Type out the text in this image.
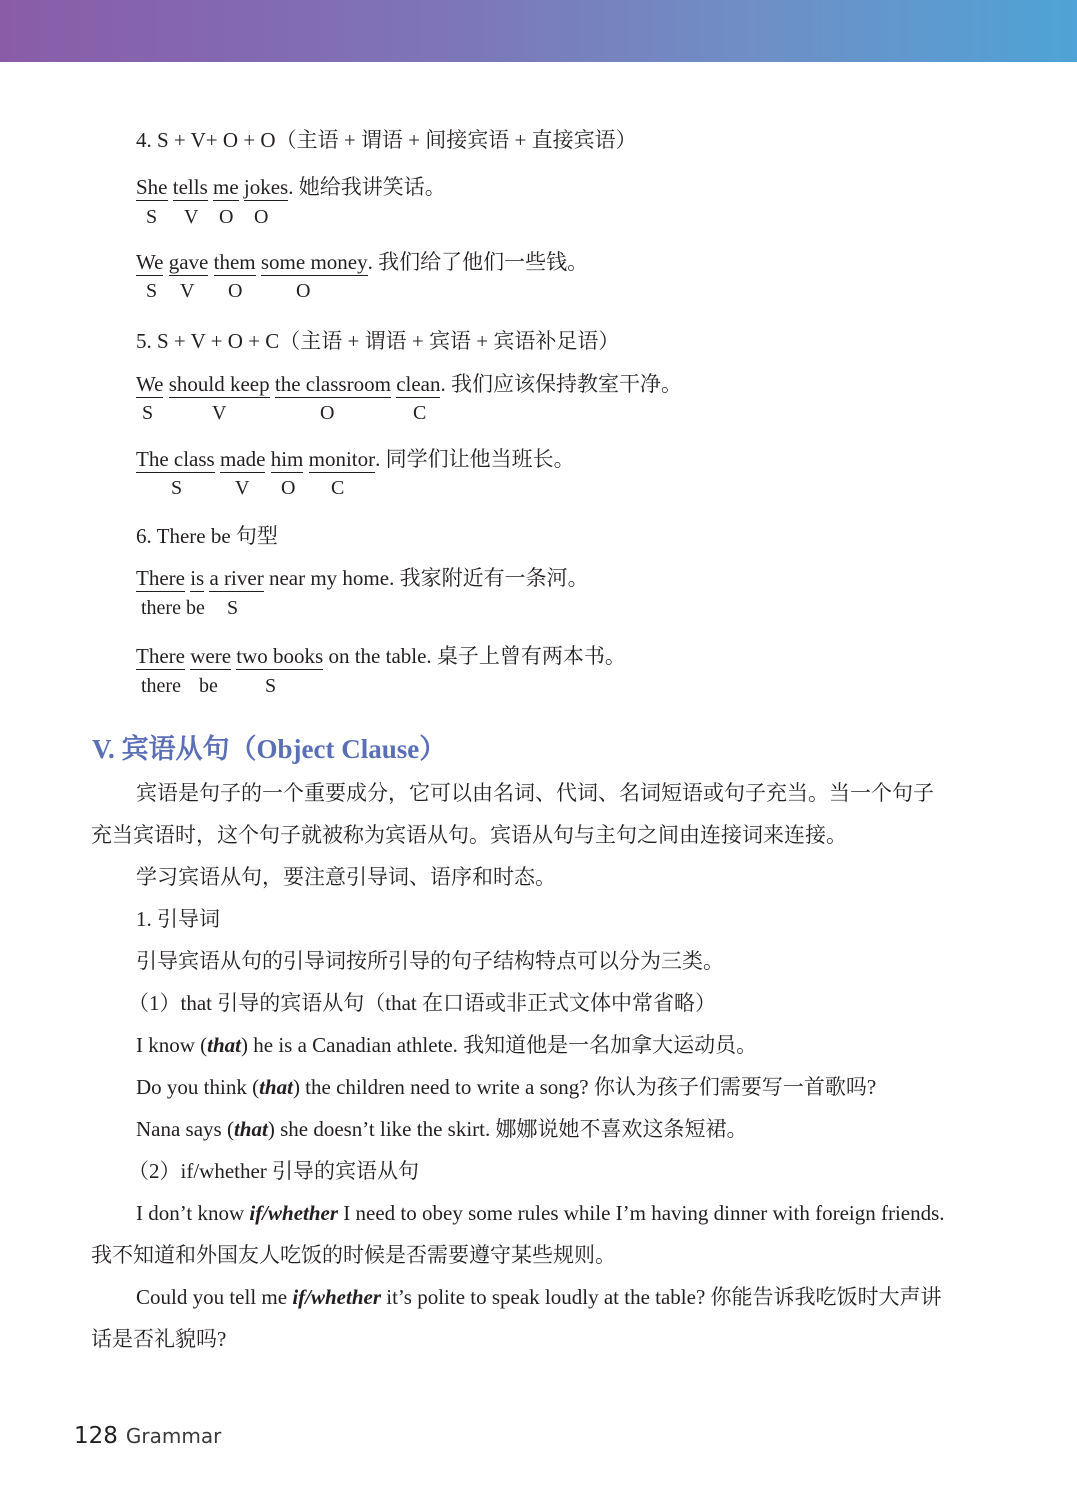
4. S + V+ O + O（主语 + 谓语 + 间接宾语 + 直接宾语）
She tells me jokes. 她给我讲笑话。
S V O O
We gave them some money. 我们给了他们一些钱。
S V O	O
5. S + V + O + C（主语 + 谓语 + 宾语 + 宾语补足语）
We should keep the classroom clean. 我们应该保持教室干净。
S	V	O	C
The class made him monitor. 同学们让他当班长。
S	V O C
6. There be 句型
There is a river near my home. 我家附近有一条河。
there be S
There were two books on the table. 桌子上曾有两本书。
there be S
V. 宾语从句（Object Clause）
宾语是句子的一个重要成分，它可以由名词、代词、名词短语或句子充当。当一个句子
充当宾语时，这个句子就被称为宾语从句。宾语从句与主句之间由连接词来连接。
学习宾语从句，要注意引导词、语序和时态。
1. 引导词
引导宾语从句的引导词按所引导的句子结构特点可以分为三类。
（1）that 引导的宾语从句（that 在口语或非正式文体中常省略）
I know (that) he is a Canadian athlete. 我知道他是一名加拿大运动员。
Do you think (that) the children need to write a song? 你认为孩子们需要写一首歌吗?
Nana says (that) she doesn’t like the skirt. 娜娜说她不喜欢这条短裙。
（2）if/whether 引导的宾语从句
I don’t know if/whether I need to obey some rules while I’m having dinner with foreign friends.
我不知道和外国友人吃饭的时候是否需要遵守某些规则。
Could you tell me if/whether it’s polite to speak loudly at the table? 你能告诉我吃饭时大声讲
话是否礼貌吗?
128 Grammar
